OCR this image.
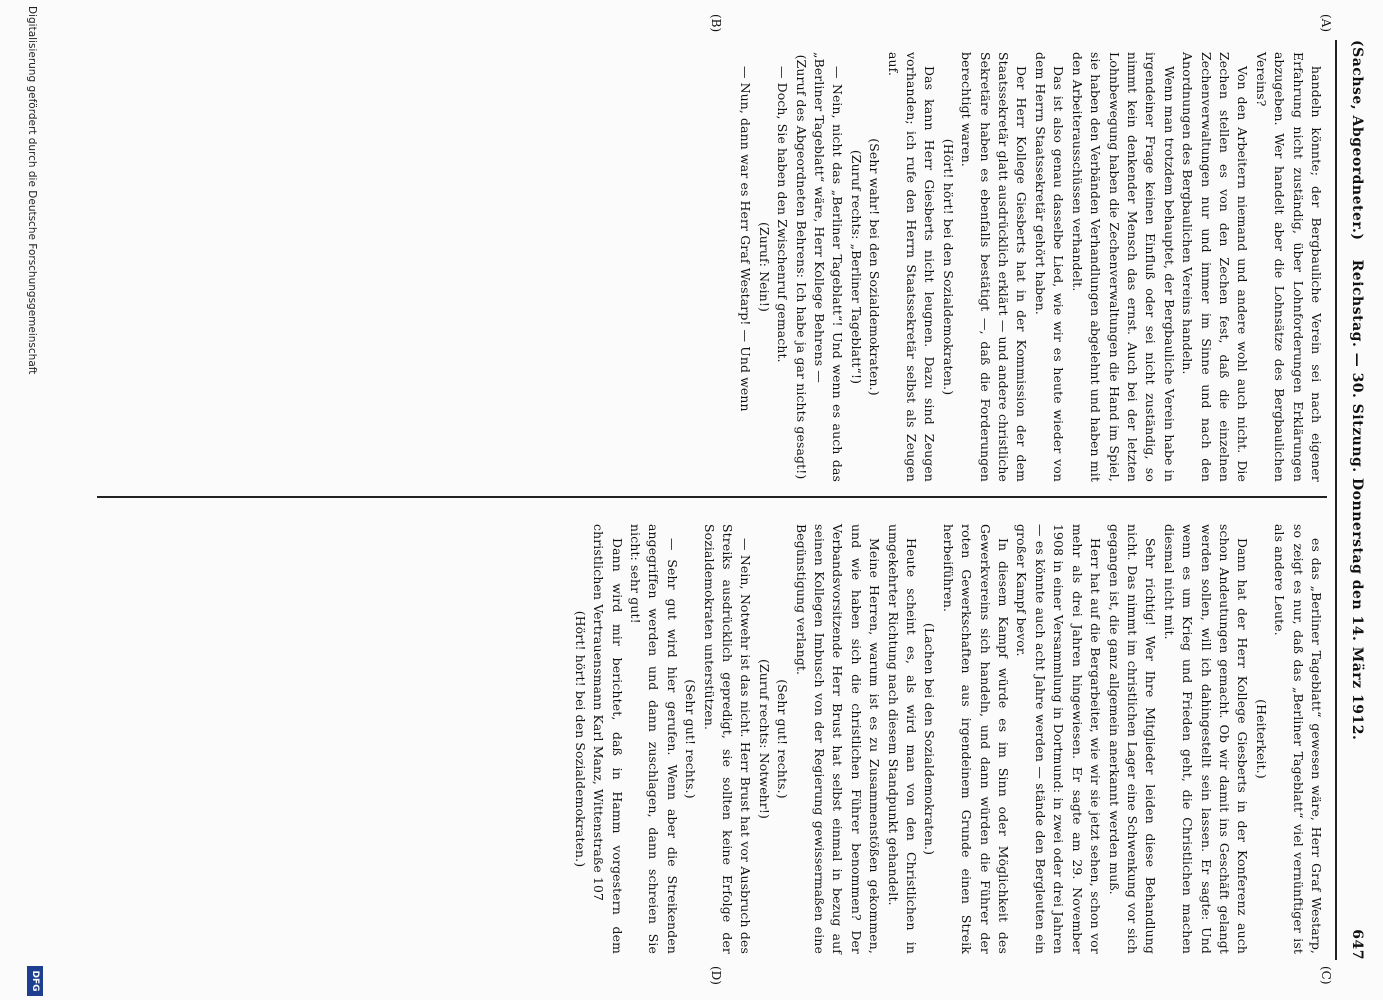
(Sachse, Abgeordneter.)
Reichstag. — 30. Sitzung. Donnerstag den 14. März 1912.
647
(A)
(B)
(C)
(D)

handeln könnte; der Bergbauliche Verein sei nach eigener Erfahrung nicht zuständig, über Lohnforderungen Erklärungen abzugeben. Wer handelt aber die Lohnsätze des Bergbaulichen Vereins?

Von den Arbeitern niemand und andere wohl auch nicht. Die Zechen stellen es von den Zechen fest, daß die einzelnen Zechenverwaltungen nur und immer im Sinne und nach den Anordnungen des Bergbaulichen Vereins handeln.

Wenn man trotzdem behauptet, der Bergbauliche Verein habe in irgendeiner Frage keinen Einfluß oder sei nicht zuständig, so nimmt kein denkender Mensch das ernst. Auch bei der letzten Lohnbewegung haben die Zechenverwaltungen die Hand im Spiel, sie haben den Verbänden Verhandlungen abgelehnt und haben mit den Arbeiterausschüssen verhandelt.

Das ist also genau dasselbe Lied, wie wir es heute wieder von dem Herrn Staatssekretär gehört haben.

Der Herr Kollege Giesberts hat in der Kommission der dem Staatssekretär glatt ausdrücklich erklärt — und andere christliche Sekretäre haben es ebenfalls bestätigt —, daß die Forderungen berechtigt waren.

(Hört! hört! bei den Sozialdemokraten.)

Das kann Herr Giesberts nicht leugnen. Dazu sind Zeugen vorhanden; ich rufe den Herrn Staatssekretär selbst als Zeugen auf.

(Sehr wahr! bei den Sozialdemokraten.)

(Zuruf rechts: „Berliner Tageblatt“!)

— Nein, nicht das „Berliner Tageblatt“! Und wenn es auch das „Berliner Tageblatt“ wäre, Herr Kollege Behrens —

(Zuruf des Abgeordneten Behrens: Ich habe ja gar nichts gesagt!)

— Doch, Sie haben den Zwischenruf gemacht.

(Zuruf: Nein!)

— Nun, dann war es Herr Graf Westarp! — Und wenn

es das „Berliner Tageblatt“ gewesen wäre, Herr Graf Westarp, so zeigt es nur, daß das „Berliner Tageblatt“ viel vernünftiger ist als andere Leute.

(Heiterkeit.)

Dann hat der Herr Kollege Giesberts in der Konferenz auch schon Andeutungen gemacht. Ob wir damit ins Geschäft gelangt werden sollen, will ich dahingestellt sein lassen. Er sagte: Und wenn es um Krieg und Frieden geht, die Christlichen machen diesmal nicht mit.

Sehr richtig! Wer Ihre Mitglieder leiden diese Behandlung nicht. Das nimmt im christlichen Lager eine Schwenkung vor sich gegangen ist, die ganz allgemein anerkannt werden muß.

Herr hat auf die Bergarbeiter, wie wir sie jetzt sehen, schon vor mehr als drei Jahren hingewiesen. Er sagte am 29. November 1908 in einer Versammlung in Dortmund: in zwei oder drei Jahren — es könnte auch acht Jahre werden — stände den Bergleuten ein großer Kampf bevor.

In diesem Kampf würde es im Sinn oder Möglichkeit des Gewerkvereins sich handeln, und dann würden die Führer der roten Gewerkschaften aus irgendeinem Grunde einen Streik herbeiführen.

(Lachen bei den Sozialdemokraten.)

Heute scheint es, als wird man von den Christlichen in umgekehrter Richtung nach diesem Standpunkt gehandelt.

Meine Herren, warum ist es zu Zusammenstößen gekommen, und wie haben sich die christlichen Führer benommen? Der Verbandsvorsitzende Herr Brust hat selbst einmal in bezug auf seinen Kollegen Imbusch von der Regierung gewissermaßen eine Begünstigung verlangt.

(Sehr gut! rechts.)

(Zuruf rechts: Notwehr!)

— Nein, Notwehr ist das nicht. Herr Brust hat vor Ausbruch des Streiks ausdrücklich gepredigt, sie sollten keine Erfolge der Sozialdemokraten unterstützen.

(Sehr gut! rechts.)

— Sehr gut wird hier gerufen. Wenn aber die Streikenden angegriffen werden und dann zuschlagen, dann schreien Sie nicht: sehr gut!

Dann wird mir berichtet, daß in Hamm vorgestern dem christlichen Vertrauensmann Karl Manz, Wittenstraße 107

(Hört! hört! bei den Sozialdemokraten.)

Digitalisierung gefördert durch die Deutsche Forschungsgemeinschaft
DFG
